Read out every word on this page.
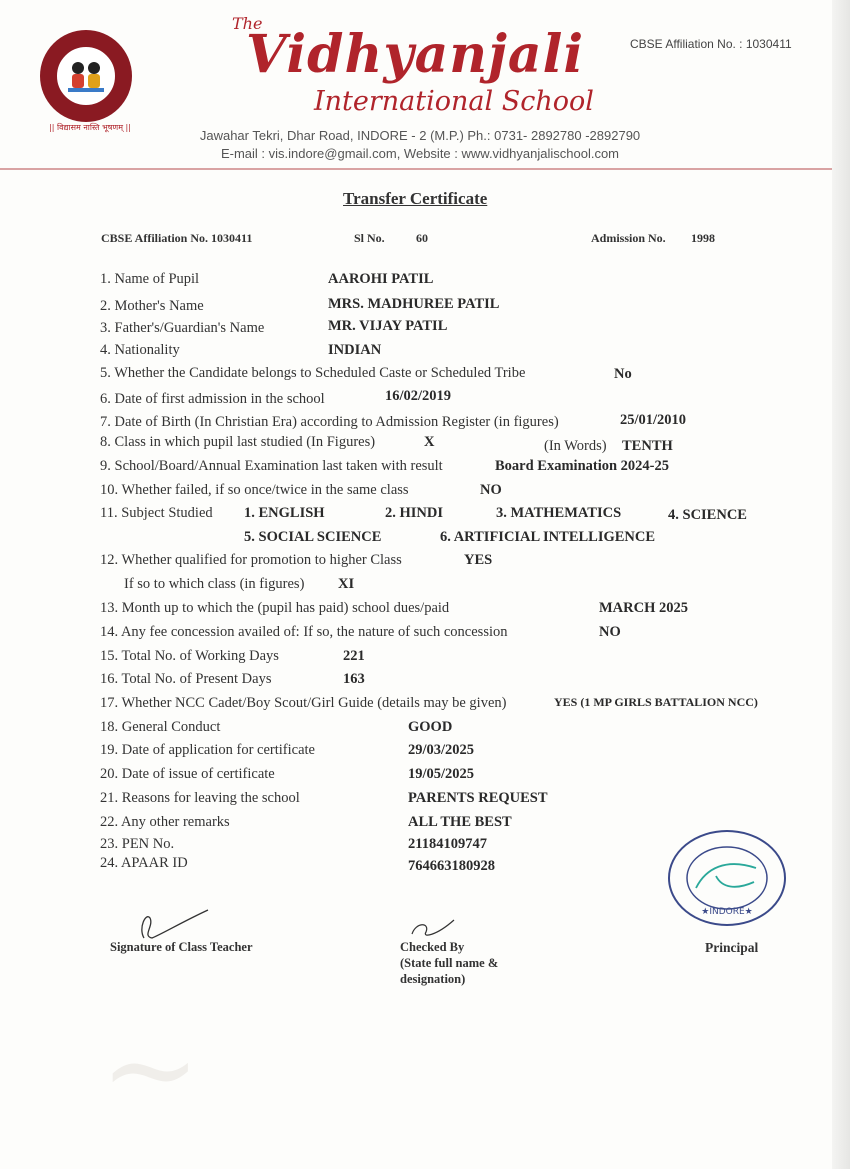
~
|| विद्यासम नास्ति भूषणम् ||
The
Vidhyanjali
International School
CBSE Affiliation No. : 1030411
Jawahar Tekri, Dhar Road, INDORE - 2 (M.P.) Ph.: 0731- 2892780 -2892790
E-mail : vis.indore@gmail.com, Website : www.vidhyanjalischool.com
Transfer Certificate
CBSE Affiliation No. 1030411	Sl No.	60	Admission No. 1998
1. Name of Pupil	AAROHI PATIL
2. Mother's Name	MRS. MADHUREE PATIL
3. Father's/Guardian's Name	MR. VIJAY PATIL
4. Nationality	INDIAN
5. Whether the Candidate belongs to Scheduled Caste or Scheduled Tribe	No
6. Date of first admission in the school	16/02/2019
7. Date of Birth (In Christian Era) according to Admission Register (in figures)	25/01/2010
8. Class in which pupil last studied (In Figures)	X	(In Words) TENTH
9. School/Board/Annual Examination last taken with result	Board Examination 2024-25
10. Whether failed, if so once/twice in the same class	NO
11. Subject Studied 1. ENGLISH	2. HINDI	3. MATHEMATICS	4. SCIENCE
5. SOCIAL SCIENCE	6. ARTIFICIAL INTELLIGENCE
12. Whether qualified for promotion to higher Class	YES
If so to which class (in figures) XI
13. Month up to which the (pupil has paid) school dues/paid	MARCH 2025
14. Any fee concession availed of: If so, the nature of such concession	NO
15. Total No. of Working Days	221
16. Total No. of Present Days	163
17. Whether NCC Cadet/Boy Scout/Girl Guide (details may be given)	YES (1 MP GIRLS BATTALION NCC)
18. General Conduct	GOOD
19. Date of application for certificate	29/03/2025
20. Date of issue of certificate	19/05/2025
21. Reasons for leaving the school	PARENTS REQUEST
22. Any other remarks	ALL THE BEST
23. PEN No.	21184109747
24. APAAR ID	764663180928
Signature of Class Teacher	Checked By
(State full name &
designation)
★INDORE★
Principal
